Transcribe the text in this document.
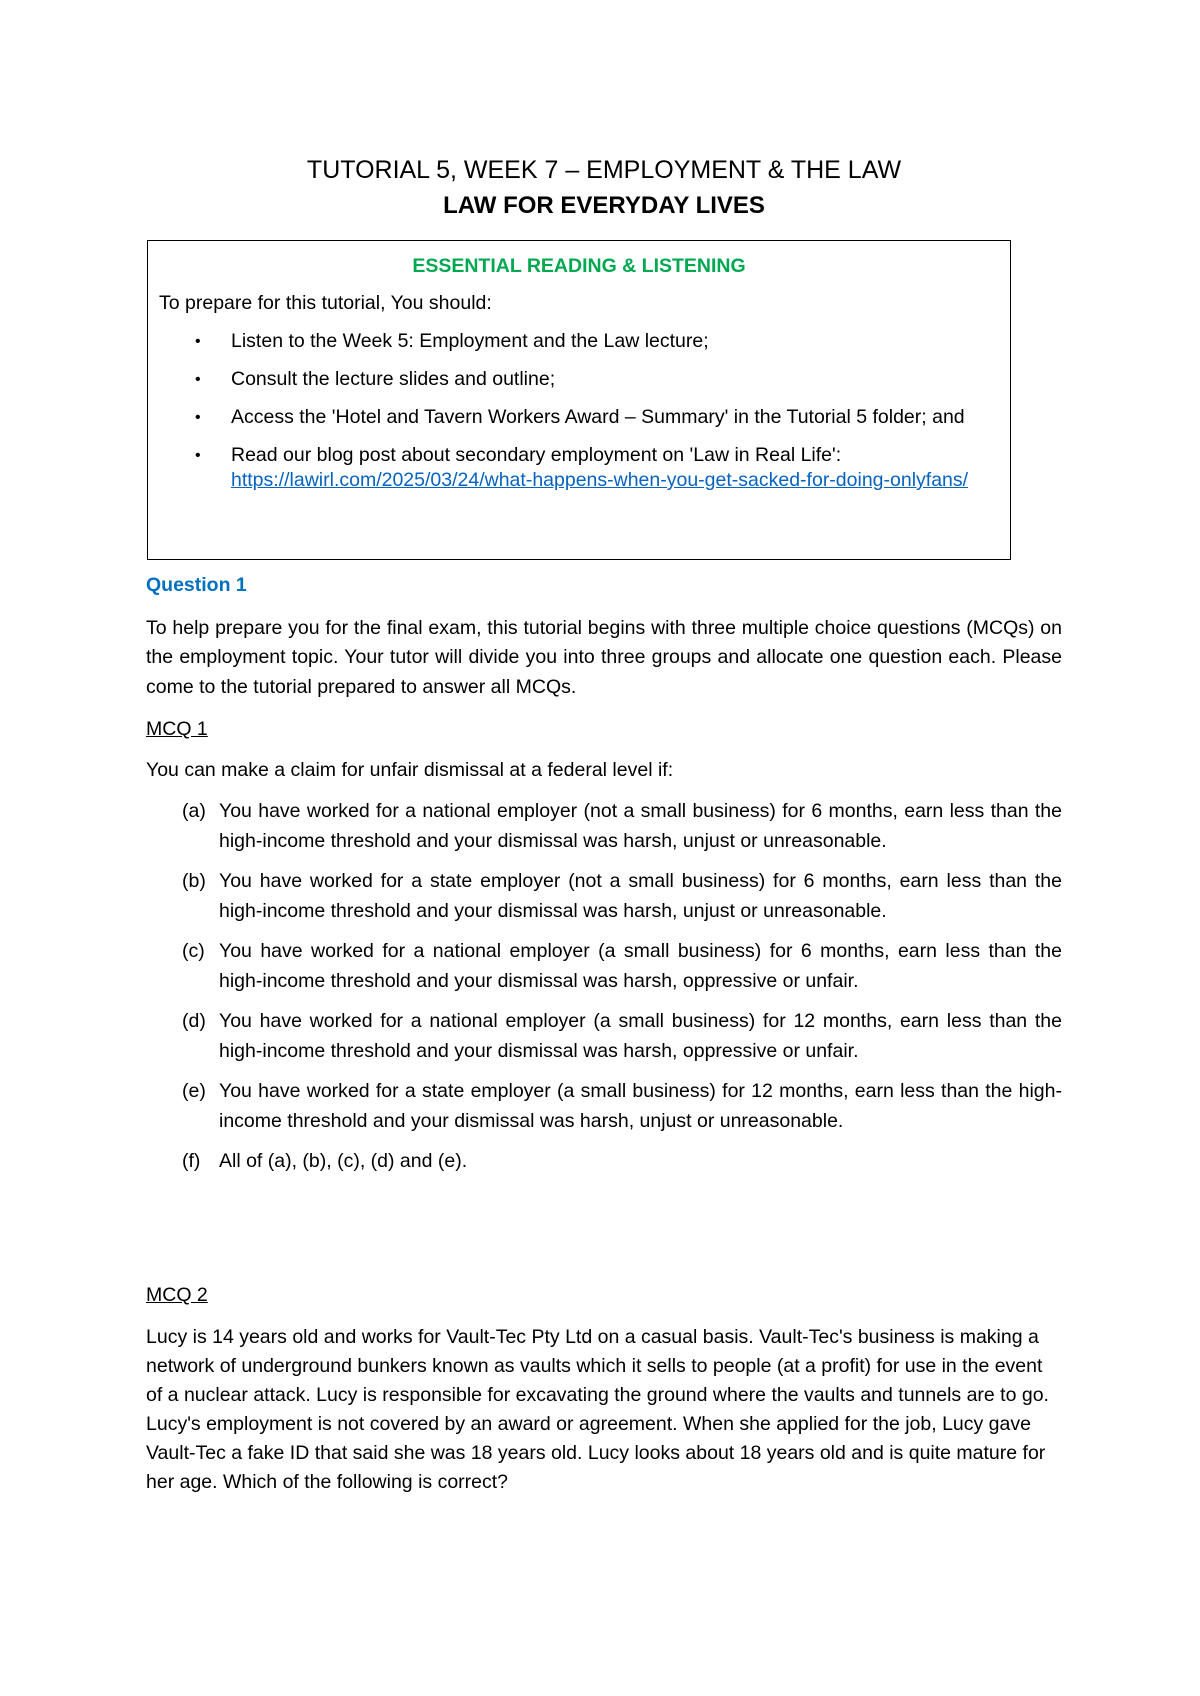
TUTORIAL 5, WEEK 7 – EMPLOYMENT & THE LAW
LAW FOR EVERYDAY LIVES
ESSENTIAL READING & LISTENING
To prepare for this tutorial, You should:
• Listen to the Week 5: Employment and the Law lecture;
• Consult the lecture slides and outline;
• Access the 'Hotel and Tavern Workers Award – Summary' in the Tutorial 5 folder; and
• Read our blog post about secondary employment on 'Law in Real Life': https://lawirl.com/2025/03/24/what-happens-when-you-get-sacked-for-doing-onlyfans/
Question 1
To help prepare you for the final exam, this tutorial begins with three multiple choice questions (MCQs) on the employment topic. Your tutor will divide you into three groups and allocate one question each. Please come to the tutorial prepared to answer all MCQs.
MCQ 1
You can make a claim for unfair dismissal at a federal level if:
(a) You have worked for a national employer (not a small business) for 6 months, earn less than the high-income threshold and your dismissal was harsh, unjust or unreasonable.
(b) You have worked for a state employer (not a small business) for 6 months, earn less than the high-income threshold and your dismissal was harsh, unjust or unreasonable.
(c) You have worked for a national employer (a small business) for 6 months, earn less than the high-income threshold and your dismissal was harsh, oppressive or unfair.
(d) You have worked for a national employer (a small business) for 12 months, earn less than the high-income threshold and your dismissal was harsh, oppressive or unfair.
(e) You have worked for a state employer (a small business) for 12 months, earn less than the high-income threshold and your dismissal was harsh, unjust or unreasonable.
(f) All of (a), (b), (c), (d) and (e).
MCQ 2
Lucy is 14 years old and works for Vault-Tec Pty Ltd on a casual basis. Vault-Tec's business is making a network of underground bunkers known as vaults which it sells to people (at a profit) for use in the event of a nuclear attack. Lucy is responsible for excavating the ground where the vaults and tunnels are to go. Lucy's employment is not covered by an award or agreement. When she applied for the job, Lucy gave Vault-Tec a fake ID that said she was 18 years old. Lucy looks about 18 years old and is quite mature for her age. Which of the following is correct?
